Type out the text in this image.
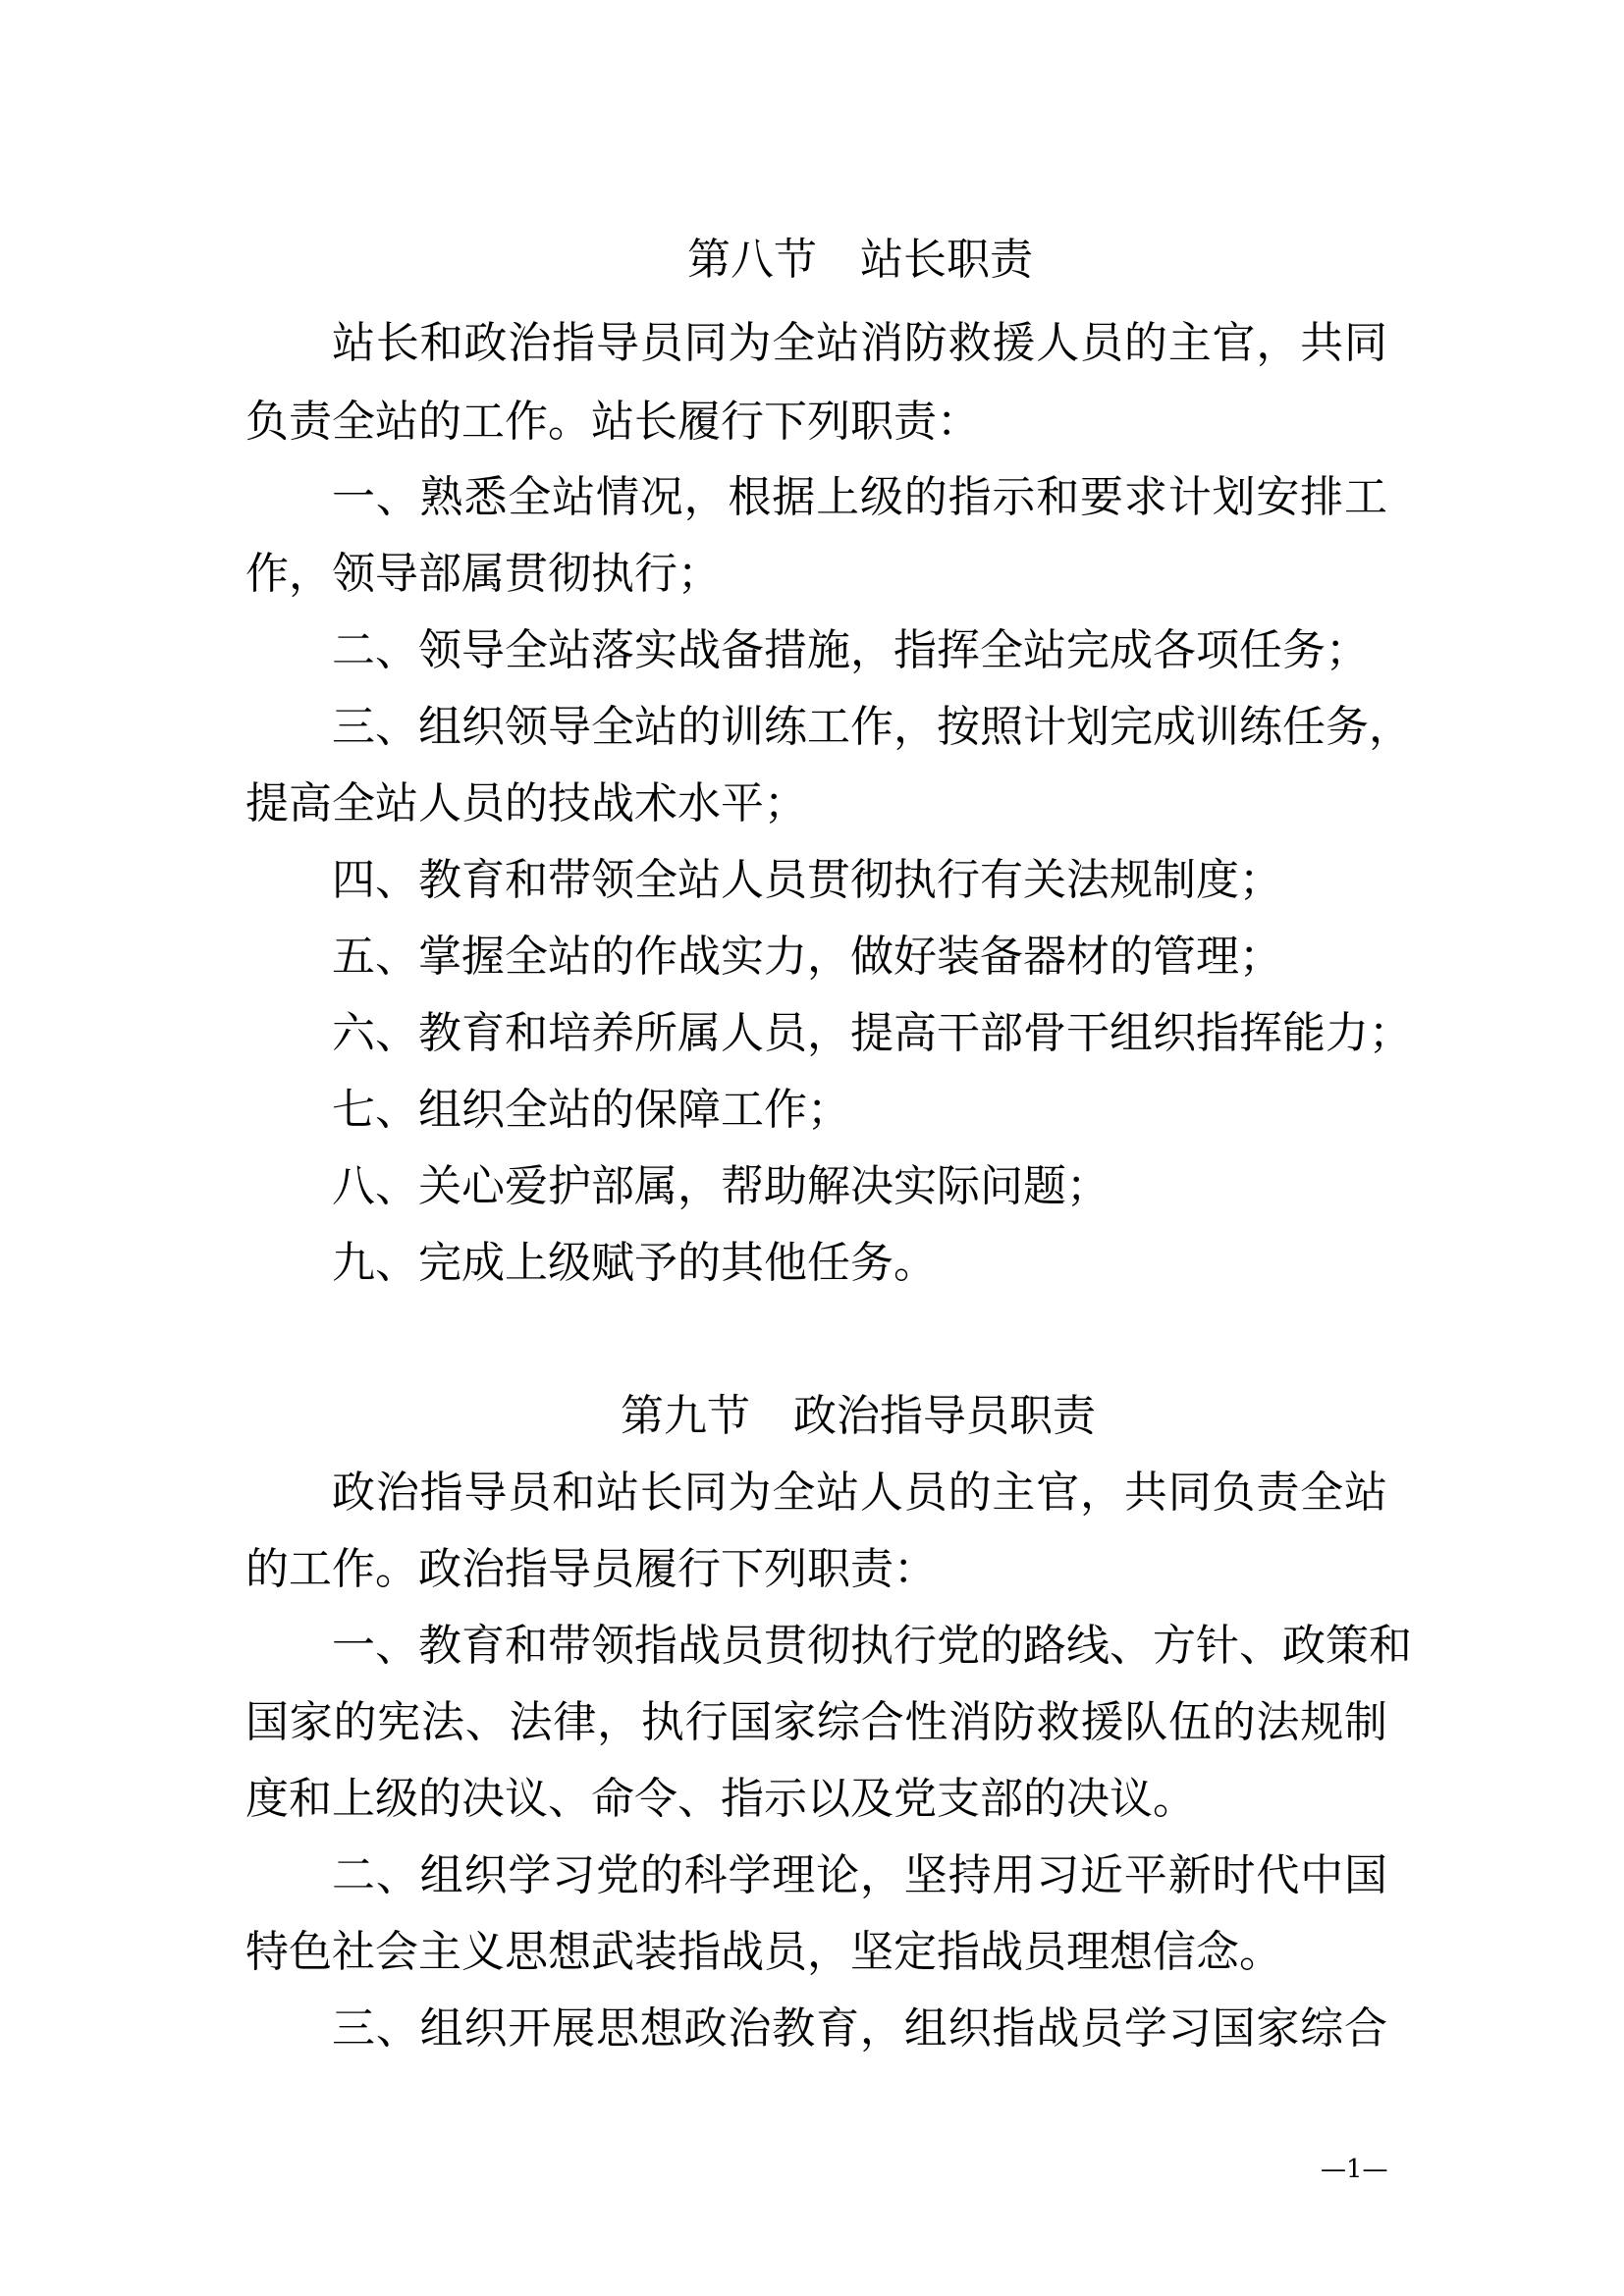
第八节　站长职责
站长和政治指导员同为全站消防救援人员的主官，共同
负责全站的工作。站长履行下列职责：
一、熟悉全站情况，根据上级的指示和要求计划安排工
作，领导部属贯彻执行；
二、领导全站落实战备措施，指挥全站完成各项任务；
三、组织领导全站的训练工作，按照计划完成训练任务，
提高全站人员的技战术水平；
四、教育和带领全站人员贯彻执行有关法规制度；
五、掌握全站的作战实力，做好装备器材的管理；
六、教育和培养所属人员，提高干部骨干组织指挥能力；
七、组织全站的保障工作；
八、关心爱护部属，帮助解决实际问题；
九、完成上级赋予的其他任务。
第九节　政治指导员职责
政治指导员和站长同为全站人员的主官，共同负责全站
的工作。政治指导员履行下列职责：
一、教育和带领指战员贯彻执行党的路线、方针、政策和
国家的宪法、法律，执行国家综合性消防救援队伍的法规制
度和上级的决议、命令、指示以及党支部的决议。
二、组织学习党的科学理论，坚持用习近平新时代中国
特色社会主义思想武装指战员，坚定指战员理想信念。
三、组织开展思想政治教育，组织指战员学习国家综合
—1—
